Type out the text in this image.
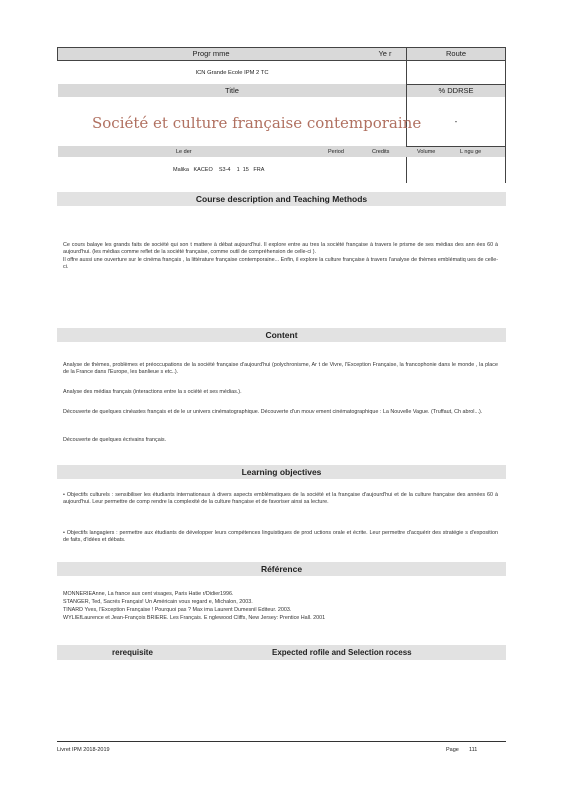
Progr mme	Ye r	Route
ICN Grande Ecole IPM 2 TC
Title	% DDRSE
Société et culture française contemporaine	-
Le der	Period	Credits	Volume	L ngu ge
Malika   KACEO    S3-4    1  15   FRA
Course description and Teaching Methods
Ce cours balaye les grands faits de société qui son t mattere à débat aujourd'hui. Il explore entre au tres la société française à travers le prisme de ses médias des ann ées 60 à aujourd'hui. (les médias comme reflet de la société française, comme outil de compréhension de celle-ci ).
Il offre aussi une ouverture sur le cinéma français , la littérature française contemporaine... Enfin, il explore la culture française à travers l'analyse de thèmes emblématiq ues de celle-ci.
Content
Analyse de thèmes, problèmes et préoccupations de la société française d'aujourd'hui (polychronisme, Ar t de Vivre, l'Exception Française, la francophonie dans le monde , la place de la France dans l'Europe, les banlieue s etc..).
Analyse des médias français (interactions entre la s ociété et ses médias.).
Découverte de quelques cinéastes français et de le ur univers cinématographique. Découverte d'un mouv ement cinématographique : La Nouvelle Vague. (Truffaut, Ch abrol...).
Découverte de quelques écrivains français.
Learning objectives
• Objectifs culturels : sensibiliser les étudiants internationaux à divers aspects emblématiques de la société et la française d'aujourd'hui et de la culture française des années 60 à aujourd'hui. Leur permettre de comp rendre la complexité de la culture française et de favoriser ainsi sa lecture.
• Objectifs langagiers : permettre aux étudiants de développer leurs compétences linguistiques de prod uctions orale et écrite. Leur permettre d'acquérir des stratégie s d'exposition de faits, d'idées et débats.
Référence
MONNERIEAnne, La france aux cent visages, Paris Hatie r/Didier1996.
STANGER, Ted, Sacrés Français! Un Américain vous regard e, Michalon, 2003.
TINARD Yves, l'Exception Française ! Pourquoi pas ? Max ima Laurent Dumesnil Editeur. 2003.
WYLIEfLaurence et Jean-François BRIERE. Les Français. E nglewood Cliffs, New Jersey: Prentice Hall. 2001
rerequisite	Expected rofile and Selection rocess
Livret IPM 2018-2019	Page 111
